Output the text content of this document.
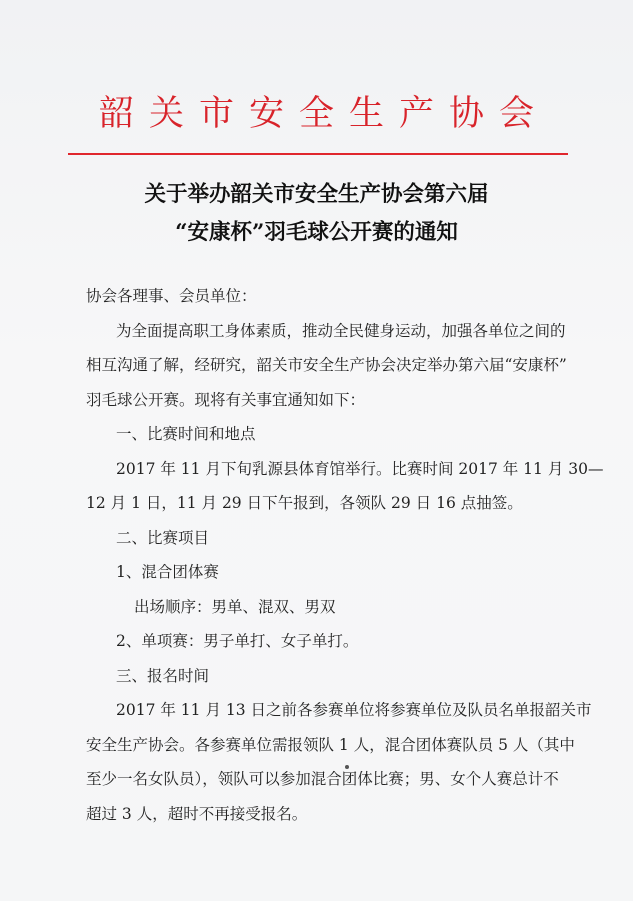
韶关市安全生产协会
关于举办韶关市安全生产协会第六届
“安康杯”羽毛球公开赛的通知
协会各理事、会员单位：
为全面提高职工身体素质，推动全民健身运动，加强各单位之间的
相互沟通了解，经研究，韶关市安全生产协会决定举办第六届“安康杯”
羽毛球公开赛。现将有关事宜通知如下：
一、比赛时间和地点
2017 年 11 月下旬乳源县体育馆举行。比赛时间 2017 年 11 月 30—
12 月 1 日，11 月 29 日下午报到，各领队 29 日 16 点抽签。
二、比赛项目
1、混合团体赛
出场顺序：男单、混双、男双
2、单项赛：男子单打、女子单打。
三、报名时间
2017 年 11 月 13 日之前各参赛单位将参赛单位及队员名单报韶关市
安全生产协会。各参赛单位需报领队 1 人，混合团体赛队员 5 人（其中
至少一名女队员），领队可以参加混合团体比赛；男、女个人赛总计不
超过 3 人，超时不再接受报名。
